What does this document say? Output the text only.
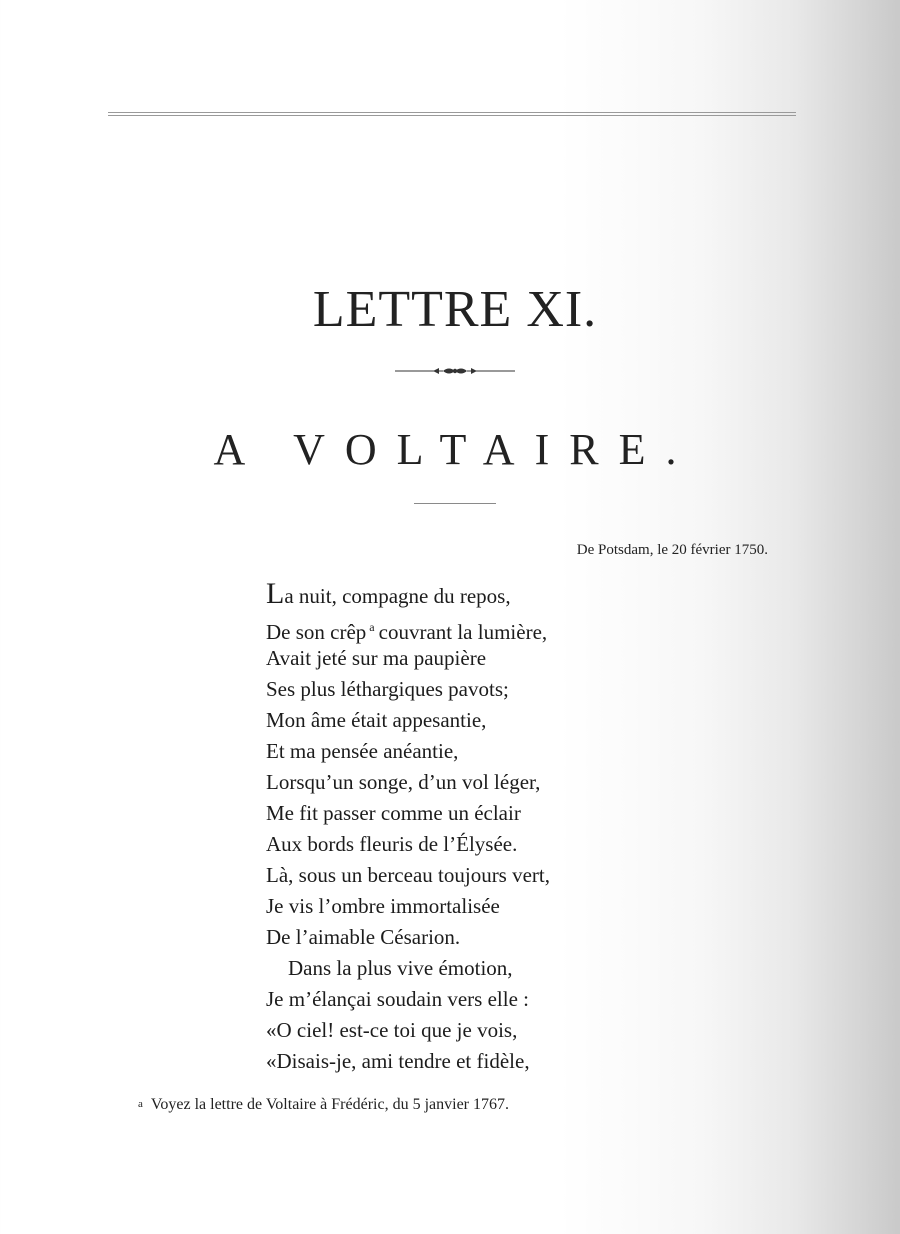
LETTRE XI.
A VOLTAIRE.
De Potsdam, le 20 février 1750.
La nuit, compagne du repos,
De son crêp $^a$ couvrant la lumière,
Avait jeté sur ma paupière
Ses plus léthargiques pavots;
Mon âme était appesantie,
Et ma pensée anéantie,
Lorsqu’un songe, d’un vol léger,
Me fit passer comme un éclair
Aux bords fleuris de l’Élysée.
Là, sous un berceau toujours vert,
Je vis l’ombre immortalisée
De l’aimable Césarion.
Dans la plus vive émotion,
Je m’élançai soudain vers elle :
«O ciel! est-ce toi que je vois,
«Disais-je, ami tendre et fidèle,
a Voyez la lettre de Voltaire à Frédéric, du 5 janvier 1767.
